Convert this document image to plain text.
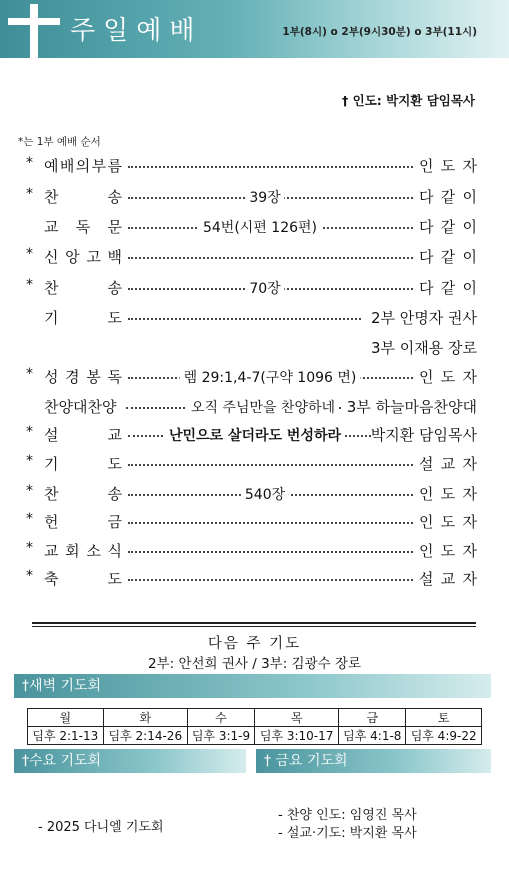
주일예배	1부(8시) o 2부(9시30분) o 3부(11시)
† 인도: 박지환 담임목사
*는 1부 예배 순서
* 예 배 의 부 름	인 도 자
* 찬	송	39장	다 같 이
교 독 문	54번(시편 126편)	다 같 이
* 신 앙 고 백	다 같 이
* 찬	송	70장	다 같 이
기	도	2부 안명자 권사
3부 이재용 장로
* 성 경 봉 독	렘 29:1,4-7(구약 1096 면)	인 도 자
찬양대찬양	오직 주님만을 찬양하네 3부 하늘마음찬양대
* 설	교	난민으로 살더라도 번성하라 박지환 담임목사
* 기	도	설 교 자
* 찬	송	540장	인 도 자
* 헌	금	인 도 자
* 교 회 소 식	인 도 자
* 축	도	설 교 자
다음 주 기도
2부: 안선희 권사 / 3부: 김광수 장로
†새벽 기도회
월	화	수	목	금	토
딤후 2:1-13	딤후 2:14-26	딤후 3:1-9	딤후 3:10-17	딤후 4:1-8	딤후 4:9-22
†수요 기도회	† 금요 기도회
- 2025 다니엘 기도회
- 찬양 인도: 임영진 목사
- 설교·기도: 박지환 목사
